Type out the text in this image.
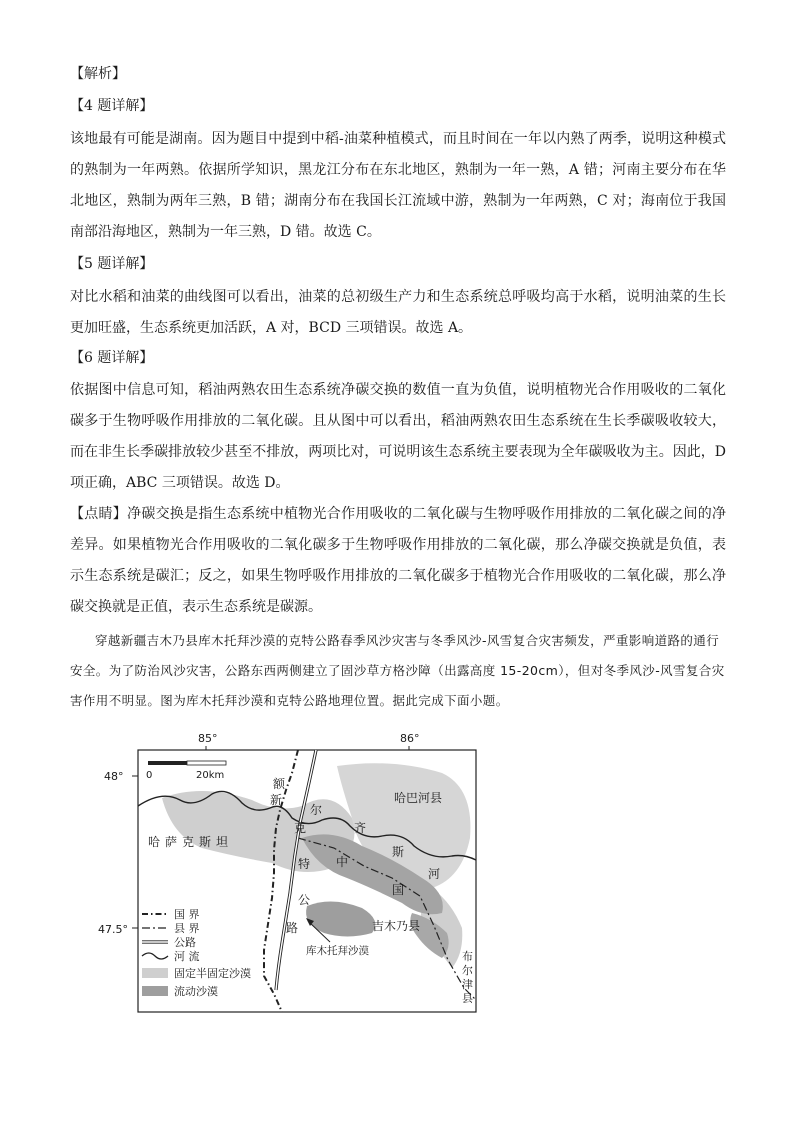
【解析】
【4 题详解】

该地最有可能是湖南。因为题目中提到中稻-油菜种植模式，而且时间在一年以内熟了两季，说明这种模式的熟制为一年两熟。依据所学知识，黑龙江分布在东北地区，熟制为一年一熟，A 错；河南主要分布在华北地区，熟制为两年三熟，B 错；湖南分布在我国长江流域中游，熟制为一年两熟，C 对；海南位于我国南部沿海地区，熟制为一年三熟，D 错。故选 C。

【5 题详解】

对比水稻和油菜的曲线图可以看出，油菜的总初级生产力和生态系统总呼吸均高于水稻，说明油菜的生长更加旺盛，生态系统更加活跃，A 对，BCD 三项错误。故选 A。

【6 题详解】

依据图中信息可知，稻油两熟农田生态系统净碳交换的数值一直为负值，说明植物光合作用吸收的二氧化碳多于生物呼吸作用排放的二氧化碳。且从图中可以看出，稻油两熟农田生态系统在生长季碳吸收较大，而在非生长季碳排放较少甚至不排放，两项比对，可说明该生态系统主要表现为全年碳吸收为主。因此，D 项正确，ABC 三项错误。故选 D。

【点睛】净碳交换是指生态系统中植物光合作用吸收的二氧化碳与生物呼吸作用排放的二氧化碳之间的净差异。如果植物光合作用吸收的二氧化碳多于生物呼吸作用排放的二氧化碳，那么净碳交换就是负值，表示生态系统是碳汇；反之，如果生物呼吸作用排放的二氧化碳多于植物光合作用吸收的二氧化碳，那么净碳交换就是正值，表示生态系统是碳源。

穿越新疆吉木乃县库木托拜沙漠的克特公路春季风沙灾害与冬季风沙-风雪复合灾害频发，严重影响道路的通行安全。为了防治风沙灾害，公路东西两侧建立了固沙草方格沙障（出露高度 15-20cm），但对冬季风沙-风雪复合灾害作用不明显。图为库木托拜沙漠和克特公路地理位置。据此完成下面小题。

85°	86°
48°
47.5°
0	20km
哈巴河县
哈萨克斯坦
吉木乃县
库木托拜沙漠	布
尔
津
县
额
尔
齐
斯
河
中
国
克
特
公
路
国 界
县 界
公路
河 流
固定半固定沙漠
流动沙漠
新
